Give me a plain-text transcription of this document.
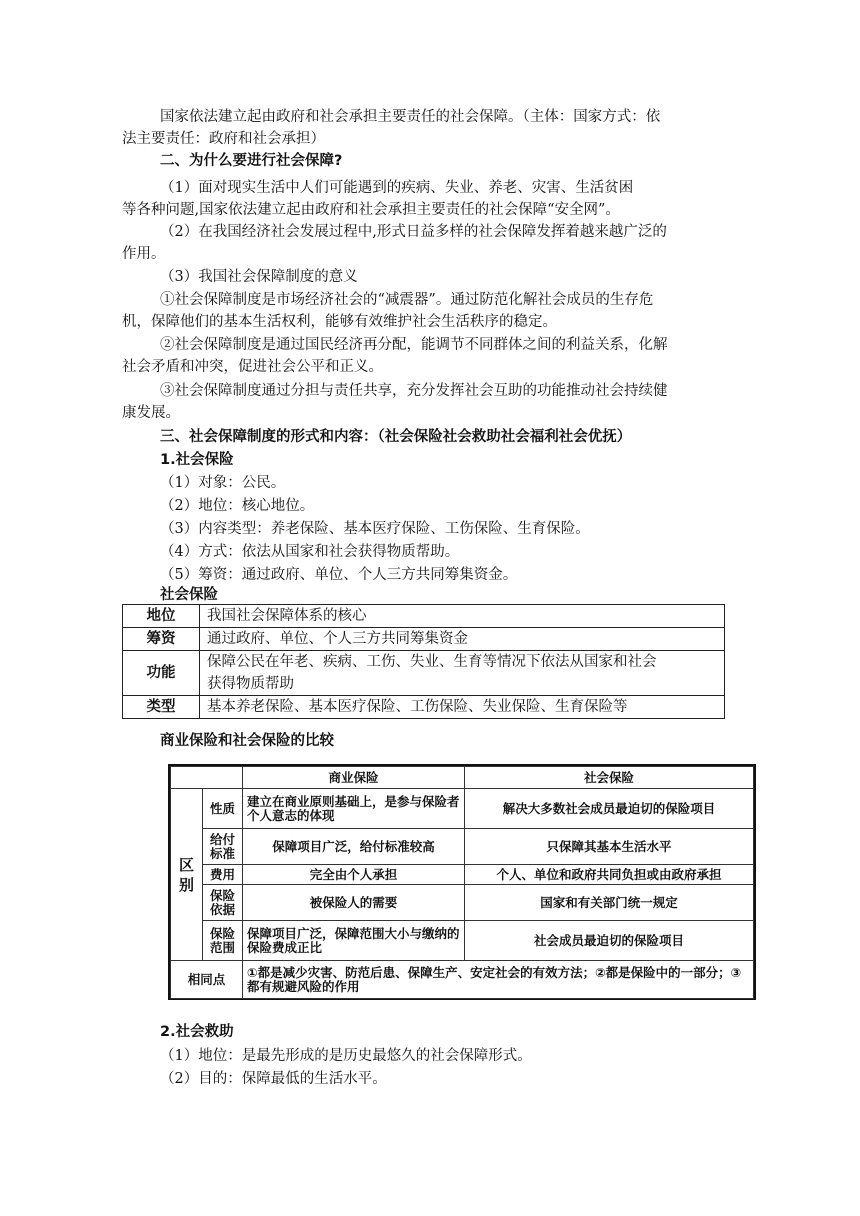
国家依法建立起由政府和社会承担主要责任的社会保障。（主体：国家方式：依
法主要责任：政府和社会承担）
二、为什么要进行社会保障?
（1）面对现实生活中人们可能遇到的疾病、失业、养老、灾害、生活贫困
等各种问题,国家依法建立起由政府和社会承担主要责任的社会保障“安全网”。
（2）在我国经济社会发展过程中,形式日益多样的社会保障发挥着越来越广泛的
作用。
（3）我国社会保障制度的意义
①社会保障制度是市场经济社会的“减震器”。通过防范化解社会成员的生存危
机，保障他们的基本生活权利，能够有效维护社会生活秩序的稳定。
②社会保障制度是通过国民经济再分配，能调节不同群体之间的利益关系，化解
社会矛盾和冲突，促进社会公平和正义。
③社会保障制度通过分担与责任共享，充分发挥社会互助的功能推动社会持续健
康发展。
三、社会保障制度的形式和内容：（社会保险社会救助社会福利社会优抚）
1.社会保险
（1）对象：公民。
（2）地位：核心地位。
（3）内容类型：养老保险、基本医疗保险、工伤保险、生育保险。
（4）方式：依法从国家和社会获得物质帮助。
（5）筹资：通过政府、单位、个人三方共同筹集资金。
社会保险
地位	我国社会保障体系的核心
筹资	通过政府、单位、个人三方共同筹集资金
功能	保障公民在年老、疾病、工伤、失业、生育等情况下依法从国家和社会
获得物质帮助

类型	基本养老保险、基本医疗保险、工伤保险、失业保险、生育保险等
商业保险和社会保险的比较
		商业保险	社会保险
区别	性质	建立在商业原则基础上，是参与保险者个人意志的体现	解决大多数社会成员最迫切的保险项目
	给付标准	保障项目广泛，给付标准较高	只保障其基本生活水平
	费用	完全由个人承担	个人、单位和政府共同负担或由政府承担
	保险依据	被保险人的需要	国家和有关部门统一规定
	保险范围	保障项目广泛，保障范围大小与缴纳的保险费成正比	社会成员最迫切的保险项目
相同点		①都是减少灾害、防范后患、保障生产、安定社会的有效方法；②都是保险中的一部分；③都有规避风险的作用	
2.社会救助
（1）地位：是最先形成的是历史最悠久的社会保障形式。
（2）目的：保障最低的生活水平。
